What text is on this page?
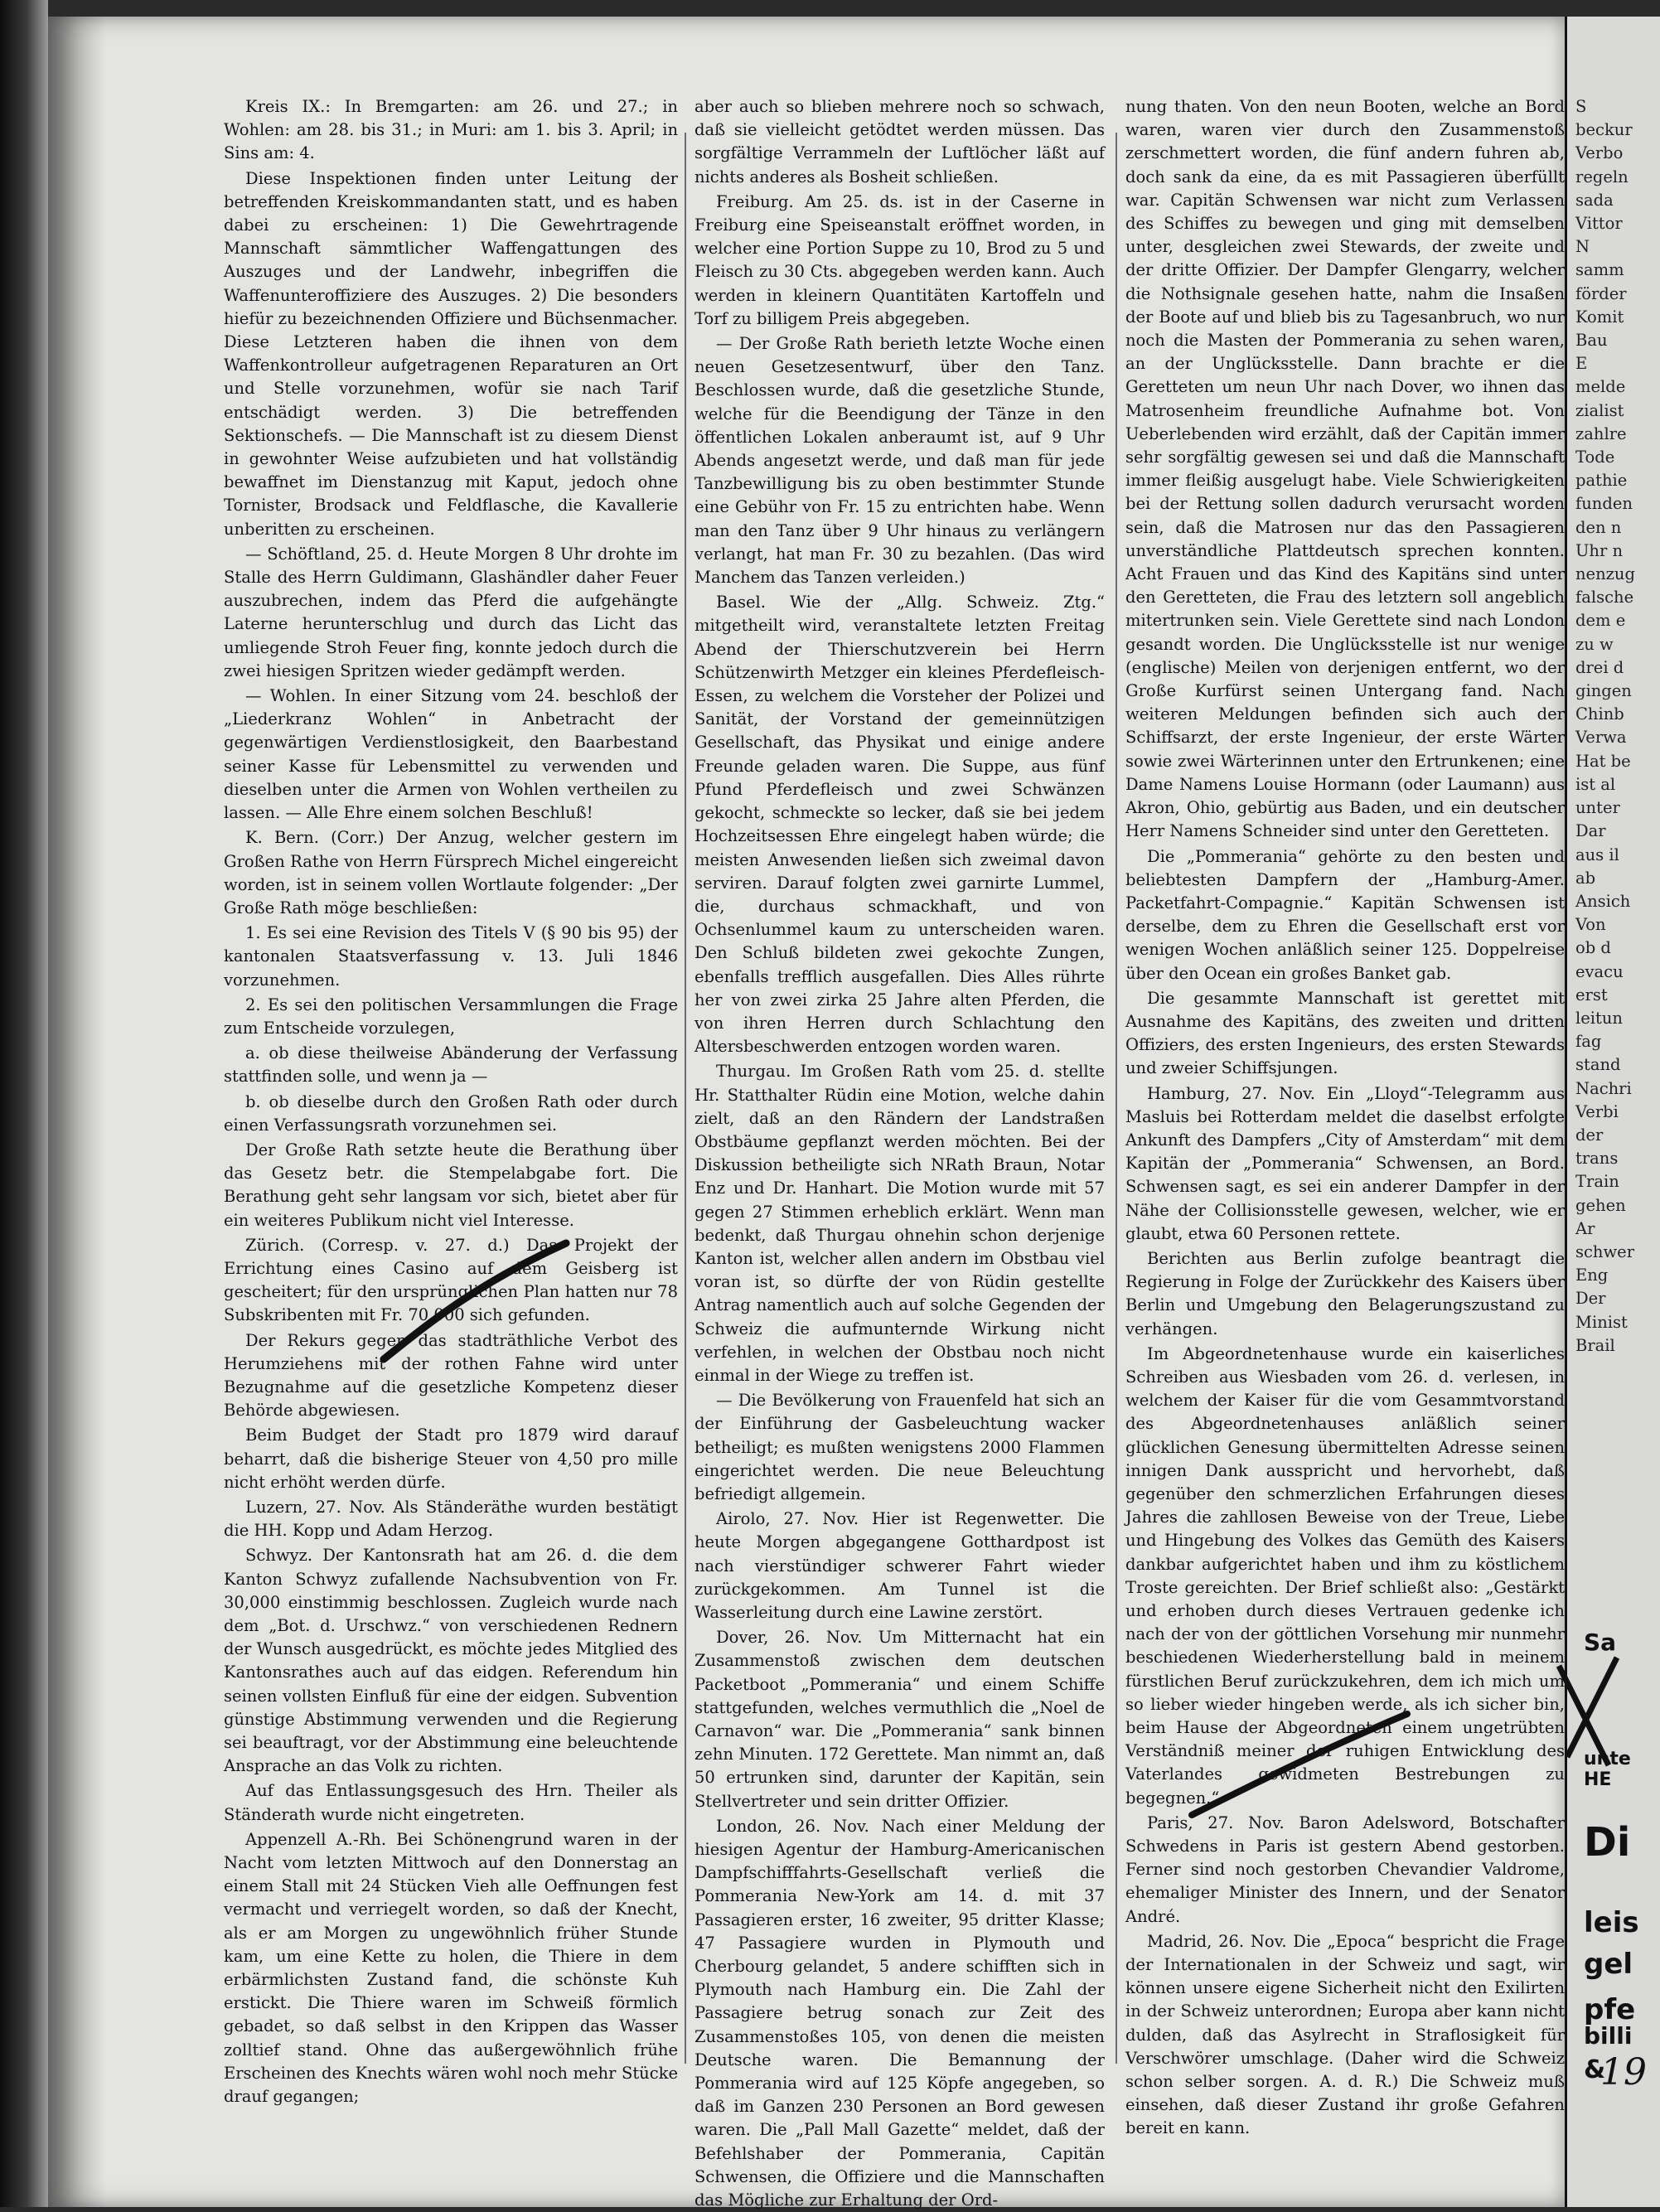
Kreis IX.: In Bremgarten: am 26. und 27.; in Wohlen: am 28. bis 31.; in Muri: am 1. bis 3. April; in Sins am: 4.

Diese Inspektionen finden unter Leitung der betreffenden Kreiskommandanten statt, und es haben dabei zu erscheinen: 1) Die Gewehrtragende Mannschaft sämmtlicher Waffengattungen des Auszuges und der Landwehr, inbegriffen die Waffenunteroffiziere des Auszuges. 2) Die besonders hiefür zu bezeichnenden Offiziere und Büchsenmacher. Diese Letzteren haben die ihnen von dem Waffenkontrolleur aufgetragenen Reparaturen an Ort und Stelle vorzunehmen, wofür sie nach Tarif entschädigt werden. 3) Die betreffenden Sektionschefs. — Die Mannschaft ist zu diesem Dienst in gewohnter Weise aufzubieten und hat vollständig bewaffnet im Dienstanzug mit Kaput, jedoch ohne Tornister, Brodsack und Feldflasche, die Kavallerie unberitten zu erscheinen.

— Schöftland, 25. d. Heute Morgen 8 Uhr drohte im Stalle des Herrn Guldimann, Glashändler daher Feuer auszubrechen, indem das Pferd die aufgehängte Laterne herunterschlug und durch das Licht das umliegende Stroh Feuer fing, konnte jedoch durch die zwei hiesigen Spritzen wieder gedämpft werden.

— Wohlen. In einer Sitzung vom 24. beschloß der „Liederkranz Wohlen“ in Anbetracht der gegenwärtigen Verdienstlosigkeit, den Baarbestand seiner Kasse für Lebensmittel zu verwenden und dieselben unter die Armen von Wohlen vertheilen zu lassen. — Alle Ehre einem solchen Beschluß!

K. Bern. (Corr.) Der Anzug, welcher gestern im Großen Rathe von Herrn Fürsprech Michel eingereicht worden, ist in seinem vollen Wortlaute folgender: „Der Große Rath möge beschließen:

1. Es sei eine Revision des Titels V (§ 90 bis 95) der kantonalen Staatsverfassung v. 13. Juli 1846 vorzunehmen.

2. Es sei den politischen Versammlungen die Frage zum Entscheide vorzulegen,

a. ob diese theilweise Abänderung der Verfassung stattfinden solle, und wenn ja —

b. ob dieselbe durch den Großen Rath oder durch einen Verfassungsrath vorzunehmen sei.

Der Große Rath setzte heute die Berathung über das Gesetz betr. die Stempelabgabe fort. Die Berathung geht sehr langsam vor sich, bietet aber für ein weiteres Publikum nicht viel Interesse.

Zürich. (Corresp. v. 27. d.) Das Projekt der Errichtung eines Casino auf dem Geisberg ist gescheitert; für den ursprünglichen Plan hatten nur 78 Subskribenten mit Fr. 70,000 sich gefunden.

Der Rekurs gegen das stadträthliche Verbot des Herumziehens mit der rothen Fahne wird unter Bezugnahme auf die gesetzliche Kompetenz dieser Behörde abgewiesen.

Beim Budget der Stadt pro 1879 wird darauf beharrt, daß die bisherige Steuer von 4,50 pro mille nicht erhöht werden dürfe.

Luzern, 27. Nov. Als Ständeräthe wurden bestätigt die HH. Kopp und Adam Herzog.

Schwyz. Der Kantonsrath hat am 26. d. die dem Kanton Schwyz zufallende Nachsubvention von Fr. 30,000 einstimmig beschlossen. Zugleich wurde nach dem „Bot. d. Urschwz.“ von verschiedenen Rednern der Wunsch ausgedrückt, es möchte jedes Mitglied des Kantonsrathes auch auf das eidgen. Referendum hin seinen vollsten Einfluß für eine der eidgen. Subvention günstige Abstimmung verwenden und die Regierung sei beauftragt, vor der Abstimmung eine beleuchtende Ansprache an das Volk zu richten.

Auf das Entlassungsgesuch des Hrn. Theiler als Ständerath wurde nicht eingetreten.

Appenzell A.-Rh. Bei Schönengrund waren in der Nacht vom letzten Mittwoch auf den Donnerstag an einem Stall mit 24 Stücken Vieh alle Oeffnungen fest vermacht und verriegelt worden, so daß der Knecht, als er am Morgen zu ungewöhnlich früher Stunde kam, um eine Kette zu holen, die Thiere in dem erbärmlichsten Zustand fand, die schönste Kuh erstickt. Die Thiere waren im Schweiß förmlich gebadet, so daß selbst in den Krippen das Wasser zolltief stand. Ohne das außergewöhnlich frühe Erscheinen des Knechts wären wohl noch mehr Stücke drauf gegangen;

aber auch so blieben mehrere noch so schwach, daß sie vielleicht getödtet werden müssen. Das sorgfältige Verrammeln der Luftlöcher läßt auf nichts anderes als Bosheit schließen.

Freiburg. Am 25. ds. ist in der Caserne in Freiburg eine Speiseanstalt eröffnet worden, in welcher eine Portion Suppe zu 10, Brod zu 5 und Fleisch zu 30 Cts. abgegeben werden kann. Auch werden in kleinern Quantitäten Kartoffeln und Torf zu billigem Preis abgegeben.

— Der Große Rath berieth letzte Woche einen neuen Gesetzesentwurf, über den Tanz. Beschlossen wurde, daß die gesetzliche Stunde, welche für die Beendigung der Tänze in den öffentlichen Lokalen anberaumt ist, auf 9 Uhr Abends angesetzt werde, und daß man für jede Tanzbewilligung bis zu oben bestimmter Stunde eine Gebühr von Fr. 15 zu entrichten habe. Wenn man den Tanz über 9 Uhr hinaus zu verlängern verlangt, hat man Fr. 30 zu bezahlen. (Das wird Manchem das Tanzen verleiden.)

Basel. Wie der „Allg. Schweiz. Ztg.“ mitgetheilt wird, veranstaltete letzten Freitag Abend der Thierschutzverein bei Herrn Schützenwirth Metzger ein kleines Pferdefleisch-Essen, zu welchem die Vorsteher der Polizei und Sanität, der Vorstand der gemeinnützigen Gesellschaft, das Physikat und einige andere Freunde geladen waren. Die Suppe, aus fünf Pfund Pferdefleisch und zwei Schwänzen gekocht, schmeckte so lecker, daß sie bei jedem Hochzeitsessen Ehre eingelegt haben würde; die meisten Anwesenden ließen sich zweimal davon serviren. Darauf folgten zwei garnirte Lummel, die, durchaus schmackhaft, und von Ochsenlummel kaum zu unterscheiden waren. Den Schluß bildeten zwei gekochte Zungen, ebenfalls trefflich ausgefallen. Dies Alles rührte her von zwei zirka 25 Jahre alten Pferden, die von ihren Herren durch Schlachtung den Altersbeschwerden entzogen worden waren.

Thurgau. Im Großen Rath vom 25. d. stellte Hr. Statthalter Rüdin eine Motion, welche dahin zielt, daß an den Rändern der Landstraßen Obstbäume gepflanzt werden möchten. Bei der Diskussion betheiligte sich NRath Braun, Notar Enz und Dr. Hanhart. Die Motion wurde mit 57 gegen 27 Stimmen erheblich erklärt. Wenn man bedenkt, daß Thurgau ohnehin schon derjenige Kanton ist, welcher allen andern im Obstbau viel voran ist, so dürfte der von Rüdin gestellte Antrag namentlich auch auf solche Gegenden der Schweiz die aufmunternde Wirkung nicht verfehlen, in welchen der Obstbau noch nicht einmal in der Wiege zu treffen ist.

— Die Bevölkerung von Frauenfeld hat sich an der Einführung der Gasbeleuchtung wacker betheiligt; es mußten wenigstens 2000 Flammen eingerichtet werden. Die neue Beleuchtung befriedigt allgemein.

Airolo, 27. Nov. Hier ist Regenwetter. Die heute Morgen abgegangene Gotthardpost ist nach vierstündiger schwerer Fahrt wieder zurückgekommen. Am Tunnel ist die Wasserleitung durch eine Lawine zerstört.

Dover, 26. Nov. Um Mitternacht hat ein Zusammenstoß zwischen dem deutschen Packetboot „Pommerania“ und einem Schiffe stattgefunden, welches vermuthlich die „Noel de Carnavon“ war. Die „Pommerania“ sank binnen zehn Minuten. 172 Gerettete. Man nimmt an, daß 50 ertrunken sind, darunter der Kapitän, sein Stellvertreter und sein dritter Offizier.

London, 26. Nov. Nach einer Meldung der hiesigen Agentur der Hamburg-Americanischen Dampfschifffahrts-Gesellschaft verließ die Pommerania New-York am 14. d. mit 37 Passagieren erster, 16 zweiter, 95 dritter Klasse; 47 Passagiere wurden in Plymouth und Cherbourg gelandet, 5 andere schifften sich in Plymouth nach Hamburg ein. Die Zahl der Passagiere betrug sonach zur Zeit des Zusammenstoßes 105, von denen die meisten Deutsche waren. Die Bemannung der Pommerania wird auf 125 Köpfe angegeben, so daß im Ganzen 230 Personen an Bord gewesen waren. Die „Pall Mall Gazette“ meldet, daß der Befehlshaber der Pommerania, Capitän Schwensen, die Offiziere und die Mannschaften das Mögliche zur Erhaltung der Ord-

nung thaten. Von den neun Booten, welche an Bord waren, waren vier durch den Zusammenstoß zerschmettert worden, die fünf andern fuhren ab, doch sank da eine, da es mit Passagieren überfüllt war. Capitän Schwensen war nicht zum Verlassen des Schiffes zu bewegen und ging mit demselben unter, desgleichen zwei Stewards, der zweite und der dritte Offizier. Der Dampfer Glengarry, welcher die Nothsignale gesehen hatte, nahm die Insaßen der Boote auf und blieb bis zu Tagesanbruch, wo nur noch die Masten der Pommerania zu sehen waren, an der Unglücksstelle. Dann brachte er die Geretteten um neun Uhr nach Dover, wo ihnen das Matrosenheim freundliche Aufnahme bot. Von Ueberlebenden wird erzählt, daß der Capitän immer sehr sorgfältig gewesen sei und daß die Mannschaft immer fleißig ausgelugt habe. Viele Schwierigkeiten bei der Rettung sollen dadurch verursacht worden sein, daß die Matrosen nur das den Passagieren unverständliche Plattdeutsch sprechen konnten. Acht Frauen und das Kind des Kapitäns sind unter den Geretteten, die Frau des letztern soll angeblich mitertrunken sein. Viele Gerettete sind nach London gesandt worden. Die Unglücksstelle ist nur wenige (englische) Meilen von derjenigen entfernt, wo der Große Kurfürst seinen Untergang fand. Nach weiteren Meldungen befinden sich auch der Schiffsarzt, der erste Ingenieur, der erste Wärter sowie zwei Wärterinnen unter den Ertrunkenen; eine Dame Namens Louise Hormann (oder Laumann) aus Akron, Ohio, gebürtig aus Baden, und ein deutscher Herr Namens Schneider sind unter den Geretteten.

Die „Pommerania“ gehörte zu den besten und beliebtesten Dampfern der „Hamburg-Amer. Packetfahrt-Compagnie.“ Kapitän Schwensen ist derselbe, dem zu Ehren die Gesellschaft erst vor wenigen Wochen anläßlich seiner 125. Doppelreise über den Ocean ein großes Banket gab.

Die gesammte Mannschaft ist gerettet mit Ausnahme des Kapitäns, des zweiten und dritten Offiziers, des ersten Ingenieurs, des ersten Stewards und zweier Schiffsjungen.

Hamburg, 27. Nov. Ein „Lloyd“-Telegramm aus Masluis bei Rotterdam meldet die daselbst erfolgte Ankunft des Dampfers „City of Amsterdam“ mit dem Kapitän der „Pommerania“ Schwensen, an Bord. Schwensen sagt, es sei ein anderer Dampfer in der Nähe der Collisionsstelle gewesen, welcher, wie er glaubt, etwa 60 Personen rettete.

Berichten aus Berlin zufolge beantragt die Regierung in Folge der Zurückkehr des Kaisers über Berlin und Umgebung den Belagerungszustand zu verhängen.

Im Abgeordnetenhause wurde ein kaiserliches Schreiben aus Wiesbaden vom 26. d. verlesen, in welchem der Kaiser für die vom Gesammtvorstand des Abgeordnetenhauses anläßlich seiner glücklichen Genesung übermittelten Adresse seinen innigen Dank ausspricht und hervorhebt, daß gegenüber den schmerzlichen Erfahrungen dieses Jahres die zahllosen Beweise von der Treue, Liebe und Hingebung des Volkes das Gemüth des Kaisers dankbar aufgerichtet haben und ihm zu köstlichem Troste gereichten. Der Brief schließt also: „Gestärkt und erhoben durch dieses Vertrauen gedenke ich nach der von der göttlichen Vorsehung mir nunmehr beschiedenen Wiederherstellung bald in meinem fürstlichen Beruf zurückzukehren, dem ich mich um so lieber wieder hingeben werde, als ich sicher bin, beim Hause der Abgeordneten einem ungetrübten Verständniß meiner der ruhigen Entwicklung des Vaterlandes gewidmeten Bestrebungen zu begegnen.“

Paris, 27. Nov. Baron Adelsword, Botschafter Schwedens in Paris ist gestern Abend gestorben. Ferner sind noch gestorben Chevandier Valdrome, ehemaliger Minister des Innern, und der Senator André.

Madrid, 26. Nov. Die „Epoca“ bespricht die Frage der Internationalen in der Schweiz und sagt, wir können unsere eigene Sicherheit nicht den Exilirten in der Schweiz unterordnen; Europa aber kann nicht dulden, daß das Asylrecht in Straflosigkeit für Verschwörer umschlage. (Daher wird die Schweiz schon selber sorgen. A. d. R.) Die Schweiz muß einsehen, daß dieser Zustand ihr große Gefahren bereit en kann.

S
beckur
Verbo
regeln
sada
Vittor
N
samm
förder
Komit
Bau
E
melde
zialist
zahlre
Tode
pathie
funden
den n
Uhr n
nenzug
falsche
dem e
zu w
drei d
gingen
Chinb
Verwa
Hat be
ist al
unter
Dar
aus il
ab
Ansich
Von
ob d
evacu
erst
leitun
fag
stand
Nachri
Verbi
der
trans
Train
gehen
Ar
schwer
Eng
Der
Minist
Brail
Sa
unte
HE
Di
leis
gel
pfe
billi
&
19
